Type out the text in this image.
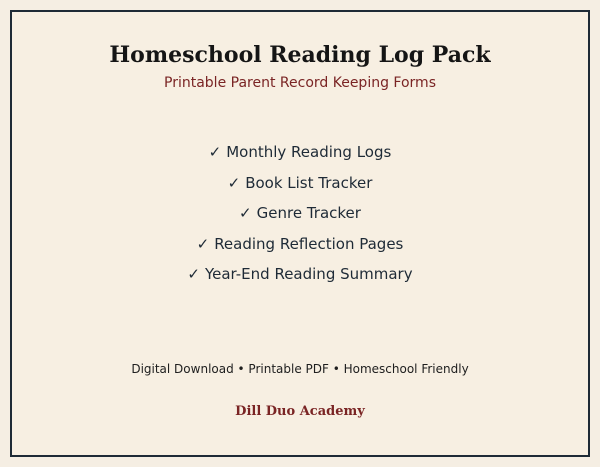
Homeschool Reading Log Pack
Printable Parent Record Keeping Forms
✓ Monthly Reading Logs
✓ Book List Tracker
✓ Genre Tracker
✓ Reading Reflection Pages
✓ Year-End Reading Summary
Digital Download • Printable PDF • Homeschool Friendly
Dill Duo Academy
